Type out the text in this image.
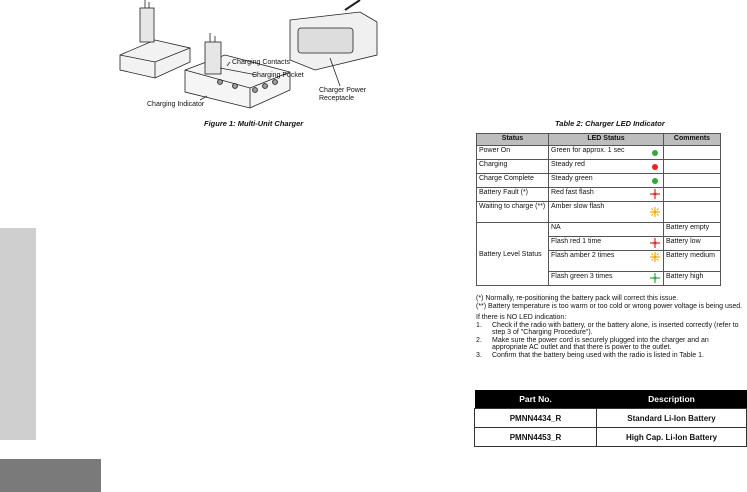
Charging Contacts
Charging Pocket
Charging Indicator
Charger Power Receptacle
Figure 1: Multi-Unit Charger	Table 2: Charger LED Indicator
Status	LED Status	Comments
Power On	Green for approx. 1 sec

Charging	Steady red

Charge Complete	Steady green

Battery Fault (*)	Red fast flash

Waiting to charge (**)	Amber slow flash

Battery Level Status	NA	Battery empty
	Flash red 1 time	Battery low
	Flash amber 2 times	Battery medium
	Flash green 3 times	Battery high

(*) Normally, re-positioning the battery pack will correct this issue.

(**) Battery temperature is too warm or too cold or wrong power voltage is being used.

If there is NO LED indication:

1.	Check if the radio with battery, or the battery alone, is inserted correctly (refer to step 3 of "Charging Procedure").
2.	Make sure the power cord is securely plugged into the charger and an appropriate AC outlet and that there is power to the outlet.
3.	Confirm that the battery being used with the radio is listed in Table 1.
Part No.	Description
PMNN4434_R	Standard Li-Ion Battery
PMNN4453_R	High Cap. Li-Ion Battery
